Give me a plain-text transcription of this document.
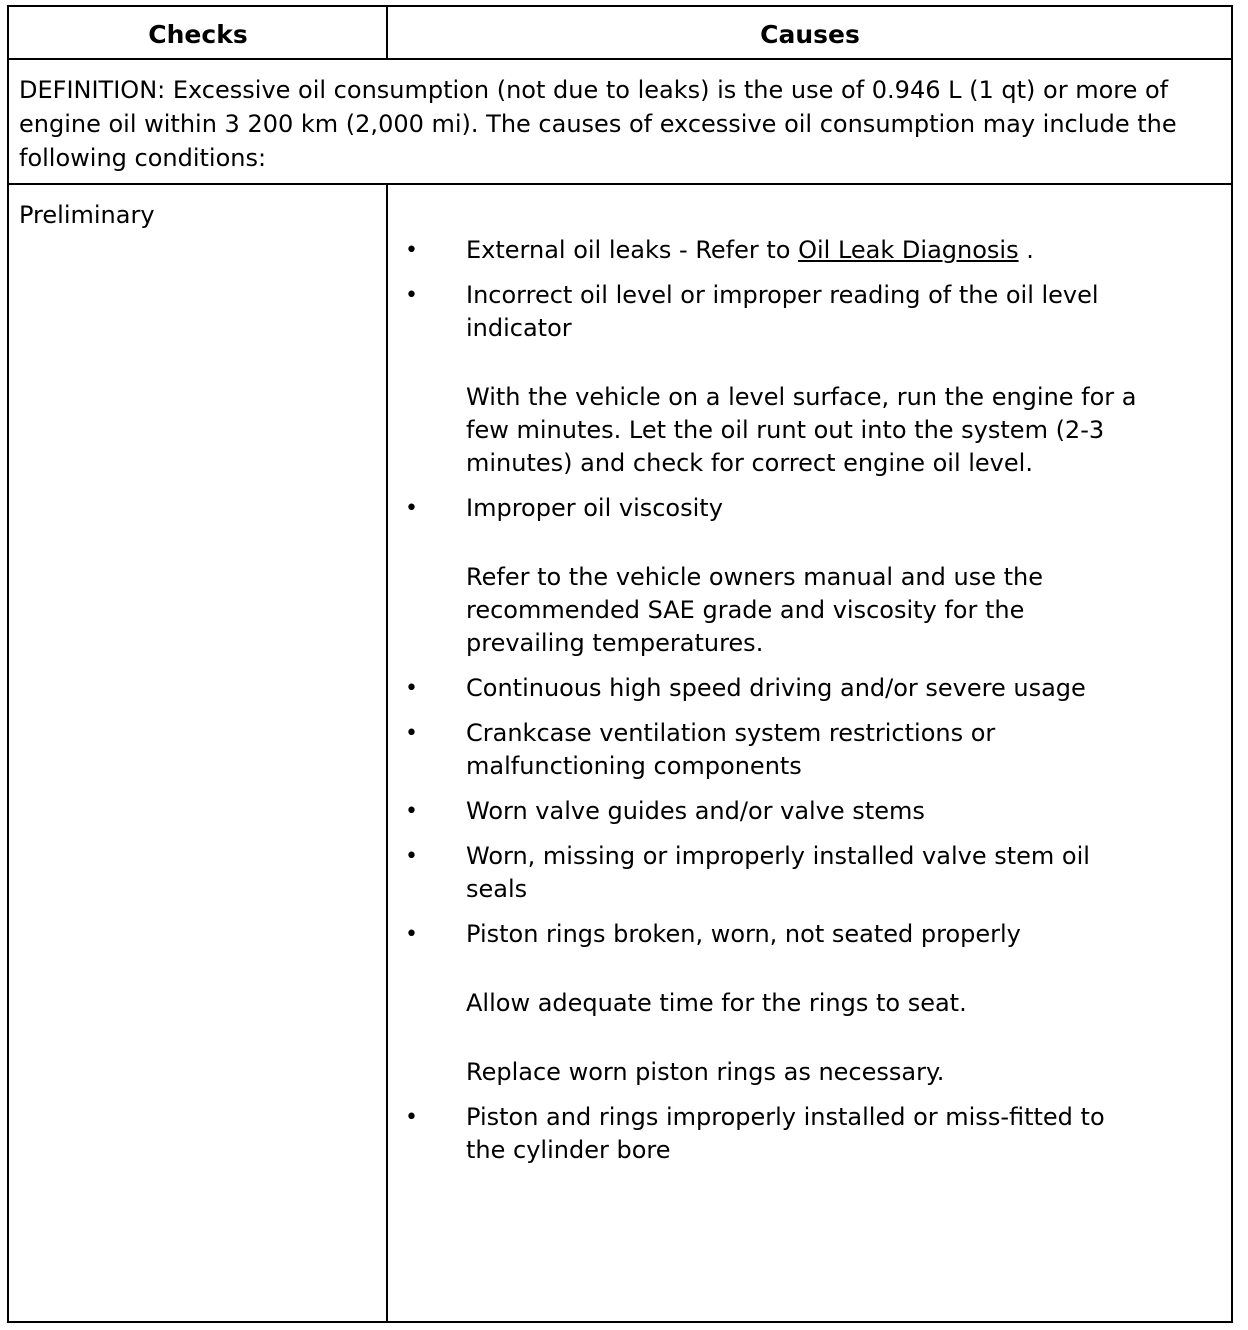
Checks	Causes
DEFINITION: Excessive oil consumption (not due to leaks) is the use of 0.946 L (1 qt) or more of engine oil within 3 200 km (2,000 mi). The causes of excessive oil consumption may include the following conditions:
Preliminary
• External oil leaks - Refer to Oil Leak Diagnosis .
• Incorrect oil level or improper reading of the oil level indicator
With the vehicle on a level surface, run the engine for a few minutes. Let the oil runt out into the system (2-3 minutes) and check for correct engine oil level.
• Improper oil viscosity
Refer to the vehicle owners manual and use the recommended SAE grade and viscosity for the prevailing temperatures.
• Continuous high speed driving and/or severe usage
• Crankcase ventilation system restrictions or malfunctioning components
• Worn valve guides and/or valve stems
• Worn, missing or improperly installed valve stem oil seals
• Piston rings broken, worn, not seated properly
Allow adequate time for the rings to seat.
Replace worn piston rings as necessary.
• Piston and rings improperly installed or miss-fitted to the cylinder bore
